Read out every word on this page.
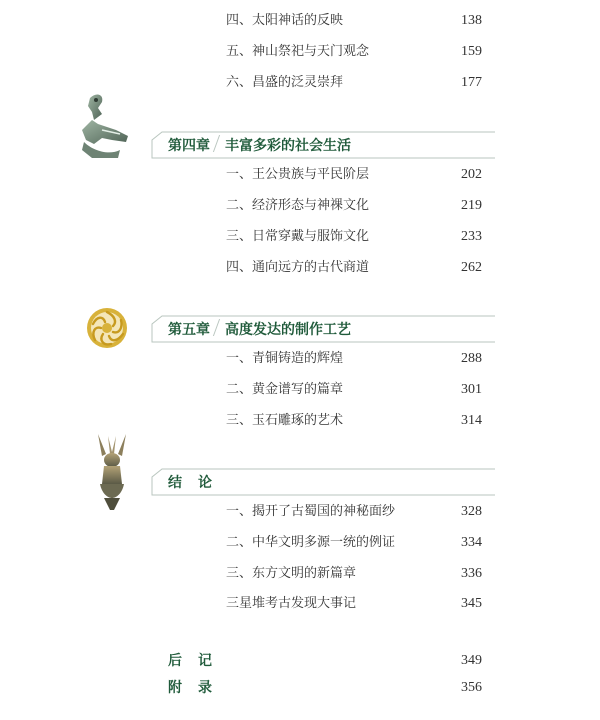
四、太阳神话的反映	138
五、神山祭祀与天门观念	159
六、昌盛的泛灵崇拜	177
第四章 丰富多彩的社会生活
一、王公贵族与平民阶层	202
二、经济形态与神祼文化	219
三、日常穿戴与服饰文化	233
四、通向远方的古代商道	262
第五章 高度发达的制作工艺
一、青铜铸造的辉煌	288
二、黄金谱写的篇章	301
三、玉石雕琢的艺术	314
结论
一、揭开了古蜀国的神秘面纱	328
二、中华文明多源一统的例证	334
三、东方文明的新篇章	336
三星堆考古发现大事记	345
后记	349
附录	356
